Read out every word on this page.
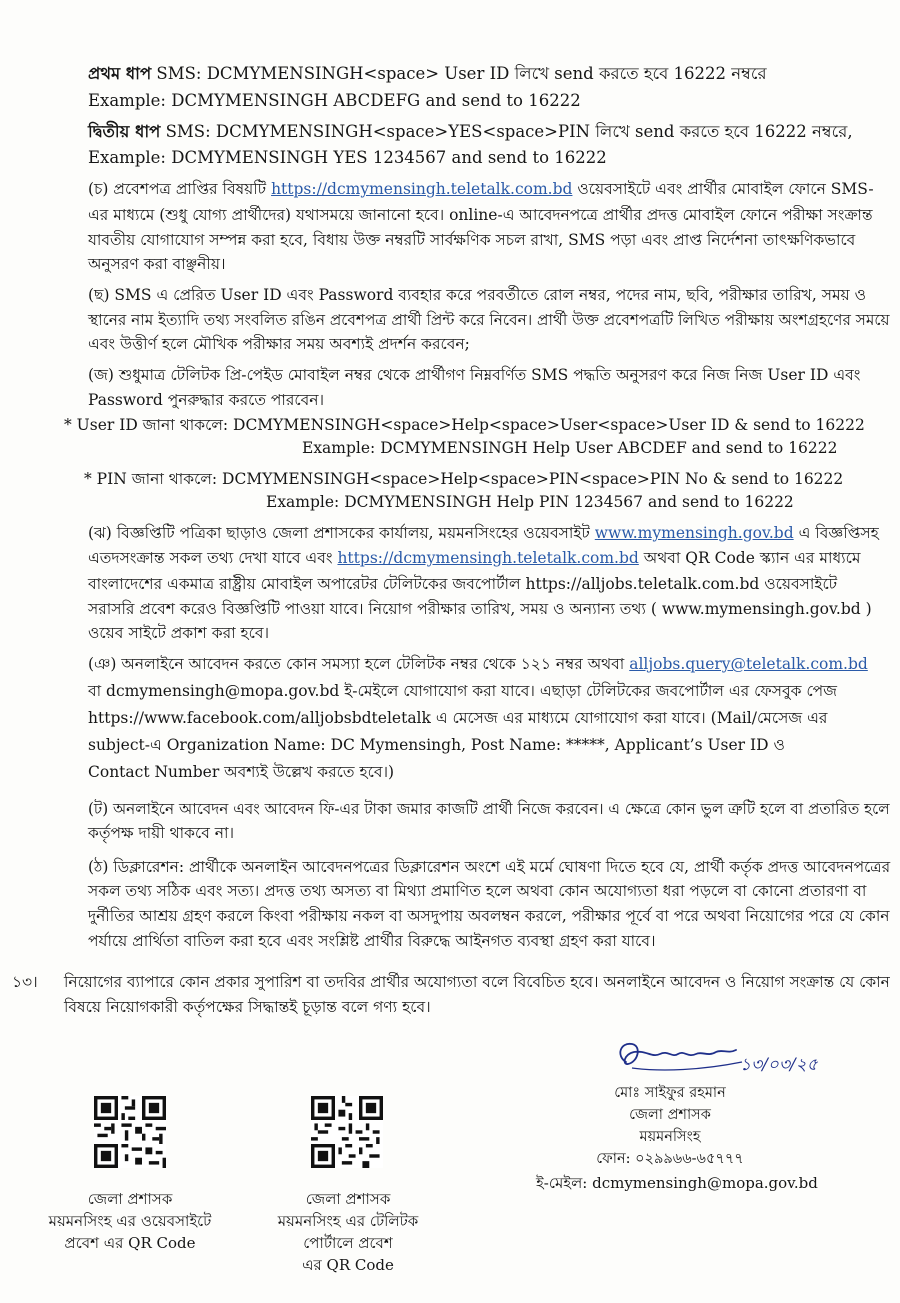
প্রথম ধাপ SMS: DCMYMENSINGH<space> User ID লিখে send করতে হবে 16222 নম্বরে
Example: DCMYMENSINGH ABCDEFG and send to 16222
দ্বিতীয় ধাপ SMS: DCMYMENSINGH<space>YES<space>PIN লিখে send করতে হবে 16222 নম্বরে,
Example: DCMYMENSINGH YES 1234567 and send to 16222
(চ) প্রবেশপত্র প্রাপ্তির বিষয়টি https://dcmymensingh.teletalk.com.bd ওয়েবসাইটে এবং প্রার্থীর মোবাইল ফোনে SMS-
এর মাধ্যমে (শুধু যোগ্য প্রার্থীদের) যথাসময়ে জানানো হবে। online-এ আবেদনপত্রে প্রার্থীর প্রদত্ত মোবাইল ফোনে পরীক্ষা সংক্রান্ত
যাবতীয় যোগাযোগ সম্পন্ন করা হবে, বিধায় উক্ত নম্বরটি সার্বক্ষণিক সচল রাখা, SMS পড়া এবং প্রাপ্ত নির্দেশনা তাৎক্ষণিকভাবে
অনুসরণ করা বাঞ্ছনীয়।
(ছ) SMS এ প্রেরিত User ID এবং Password ব্যবহার করে পরবর্তীতে রোল নম্বর, পদের নাম, ছবি, পরীক্ষার তারিখ, সময় ও
স্থানের নাম ইত্যাদি তথ্য সংবলিত রঙিন প্রবেশপত্র প্রার্থী প্রিন্ট করে নিবেন। প্রার্থী উক্ত প্রবেশপত্রটি লিখিত পরীক্ষায় অংশগ্রহণের সময়ে
এবং উত্তীর্ণ হলে মৌখিক পরীক্ষার সময় অবশ্যই প্রদর্শন করবেন;
(জ) শুধুমাত্র টেলিটক প্রি-পেইড মোবাইল নম্বর থেকে প্রার্থীগণ নিম্নবর্ণিত SMS পদ্ধতি অনুসরণ করে নিজ নিজ User ID এবং
Password পুনরুদ্ধার করতে পারবেন।
* User ID জানা থাকলে: DCMYMENSINGH<space>Help<space>User<space>User ID & send to 16222
Example: DCMYMENSINGH Help User ABCDEF and send to 16222
* PIN জানা থাকলে: DCMYMENSINGH<space>Help<space>PIN<space>PIN No & send to 16222
Example: DCMYMENSINGH Help PIN 1234567 and send to 16222
(ঝ) বিজ্ঞপ্তিটি পত্রিকা ছাড়াও জেলা প্রশাসকের কার্যালয়, ময়মনসিংহের ওয়েবসাইট www.mymensingh.gov.bd এ বিজ্ঞপ্তিসহ
এতদসংক্রান্ত সকল তথ্য দেখা যাবে এবং https://dcmymensingh.teletalk.com.bd অথবা QR Code স্ক্যান এর মাধ্যমে
বাংলাদেশের একমাত্র রাষ্ট্রীয় মোবাইল অপারেটর টেলিটকের জবপোর্টাল https://alljobs.teletalk.com.bd ওয়েবসাইটে
সরাসরি প্রবেশ করেও বিজ্ঞপ্তিটি পাওয়া যাবে। নিয়োগ পরীক্ষার তারিখ, সময় ও অন্যান্য তথ্য ( www.mymensingh.gov.bd )
ওয়েব সাইটে প্রকাশ করা হবে।
(ঞ) অনলাইনে আবেদন করতে কোন সমস্যা হলে টেলিটক নম্বর থেকে ১২১ নম্বর অথবা alljobs.query@teletalk.com.bd
বা dcmymensingh@mopa.gov.bd ই-মেইলে যোগাযোগ করা যাবে। এছাড়া টেলিটকের জবপোর্টাল এর ফেসবুক পেজ
https://www.facebook.com/alljobsbdteletalk এ মেসেজ এর মাধ্যমে যোগাযোগ করা যাবে। (Mail/মেসেজ এর
subject-এ Organization Name: DC Mymensingh, Post Name: *****, Applicant’s User ID ও
Contact Number অবশ্যই উল্লেখ করতে হবে।)
(ট) অনলাইনে আবেদন এবং আবেদন ফি-এর টাকা জমার কাজটি প্রার্থী নিজে করবেন। এ ক্ষেত্রে কোন ভুল ত্রুটি হলে বা প্রতারিত হলে
কর্তৃপক্ষ দায়ী থাকবে না।
(ঠ) ডিক্লারেশন: প্রার্থীকে অনলাইন আবেদনপত্রের ডিক্লারেশন অংশে এই মর্মে ঘোষণা দিতে হবে যে, প্রার্থী কর্তৃক প্রদত্ত আবেদনপত্রের
সকল তথ্য সঠিক এবং সত্য। প্রদত্ত তথ্য অসত্য বা মিথ্যা প্রমাণিত হলে অথবা কোন অযোগ্যতা ধরা পড়লে বা কোনো প্রতারণা বা
দুর্নীতির আশ্রয় গ্রহণ করলে কিংবা পরীক্ষায় নকল বা অসদুপায় অবলম্বন করলে, পরীক্ষার পূর্বে বা পরে অথবা নিয়োগের পরে যে কোন
পর্যায়ে প্রার্থিতা বাতিল করা হবে এবং সংশ্লিষ্ট প্রার্থীর বিরুদ্ধে আইনগত ব্যবস্থা গ্রহণ করা যাবে।
১৩। নিয়োগের ব্যাপারে কোন প্রকার সুপারিশ বা তদবির প্রার্থীর অযোগ্যতা বলে বিবেচিত হবে। অনলাইনে আবেদন ও নিয়োগ সংক্রান্ত যে কোন
বিষয়ে নিয়োগকারী কর্তৃপক্ষের সিদ্ধান্তই চূড়ান্ত বলে গণ্য হবে।
জেলা প্রশাসক
ময়মনসিংহ এর ওয়েবসাইটে
প্রবেশ এর QR Code
জেলা প্রশাসক
ময়মনসিংহ এর টেলিটক
পোর্টালে প্রবেশ
এর QR Code
১৩/০৩/২৫
মোঃ সাইফুর রহমান
জেলা প্রশাসক
ময়মনসিংহ
ফোন: ০২৯৯৬৬-৬৫৭৭৭
ই-মেইল: dcmymensingh@mopa.gov.bd
